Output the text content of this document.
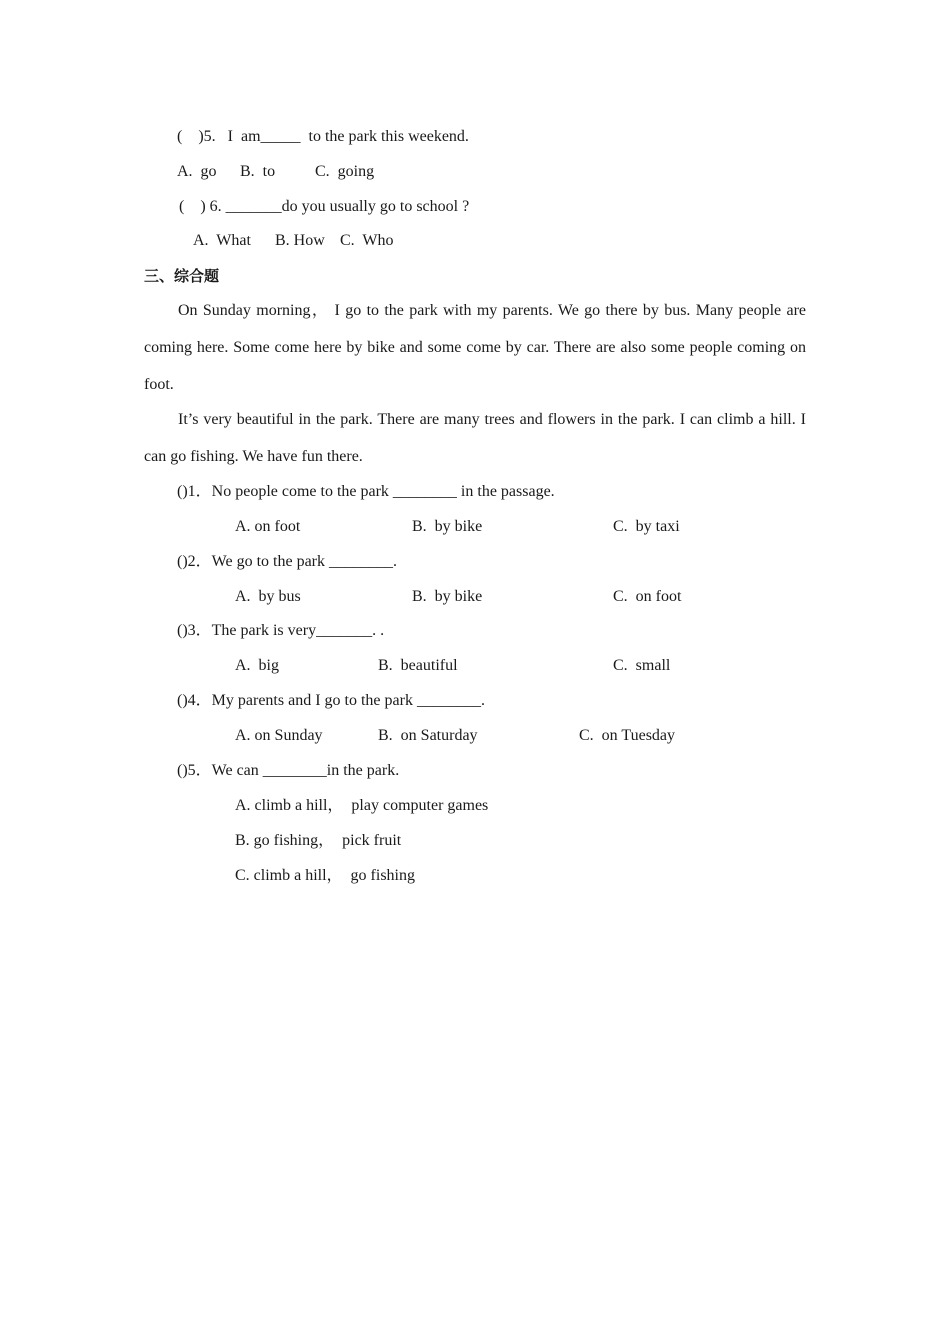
(    )5.   I  am_____  to the park this weekend.
A.  go B.  to C.  going
(    ) 6. _______do you usually go to school ?
A.  What B. How C.  Who
三、综合题
On Sunday morning， I go to the park with my parents. We go there by bus. Many people are coming here. Some come here by bike and some come by car. There are also some people coming on foot.
It’s very beautiful in the park. There are many trees and flowers in the park. I can climb a hill. I can go fishing. We have fun there.
()1．No people come to the park ________ in the passage.
A. on foot	B.  by bike	C.  by taxi
()2．We go to the park ________.
A.  by bus	B.  by bike	C.  on foot
()3．The park is very_______. .
A.  big	B.  beautiful	C.  small
()4．My parents and I go to the park ________.
A. on Sunday	B.  on Saturday	C.  on Tuesday
()5．We can ________in the park.
A. climb a hill，  play computer games
B. go fishing，  pick fruit
C. climb a hill，  go fishing
